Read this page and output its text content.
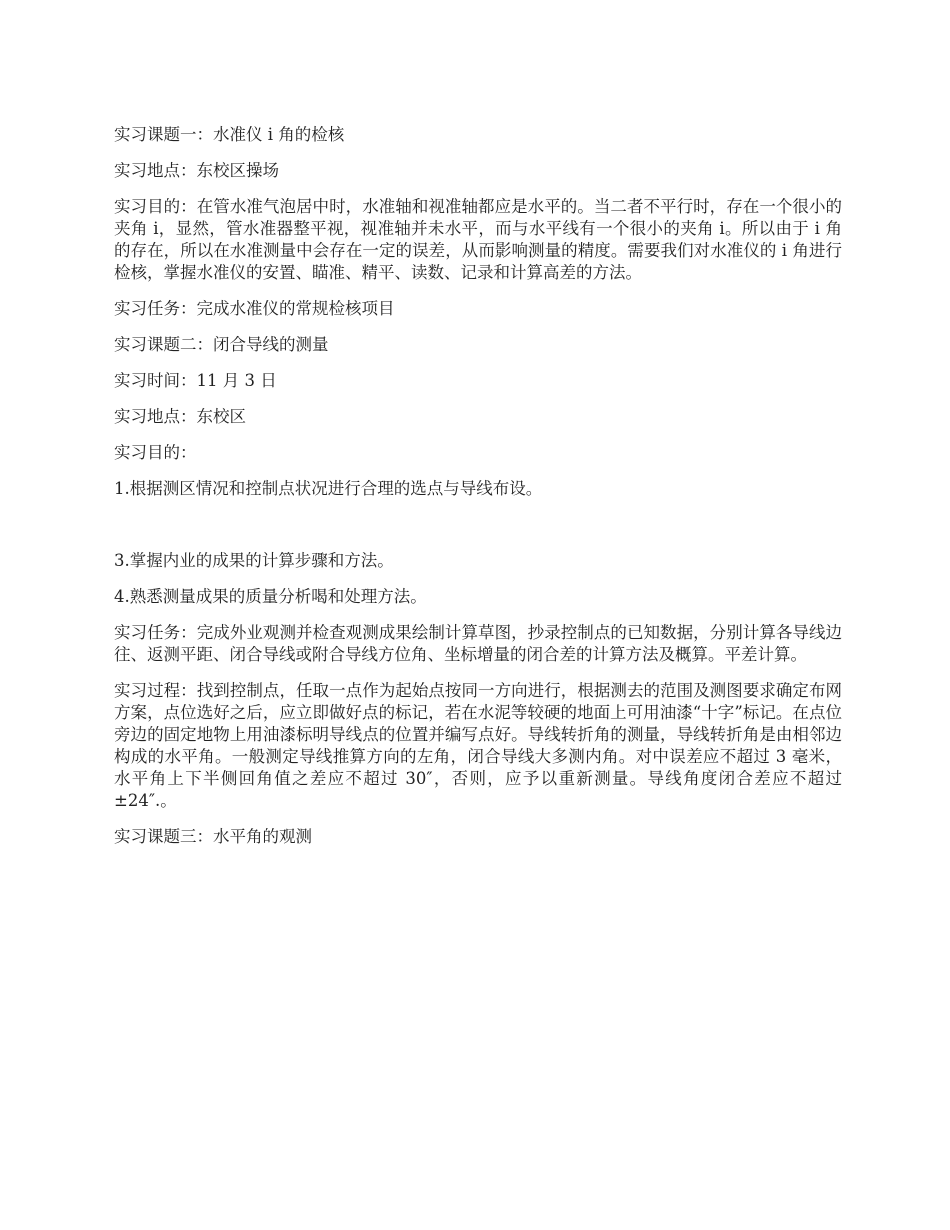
实习课题一：水准仪 i 角的检核

实习地点：东校区操场

实习目的：在管水准气泡居中时，水准轴和视准轴都应是水平的。当二者不平行时，存在一个很小的夹角 i，显然，管水准器整平视，视准轴并未水平，而与水平线有一个很小的夹角 i。所以由于 i 角的存在，所以在水准测量中会存在一定的误差，从而影响测量的精度。需要我们对水准仪的 i 角进行检核，掌握水准仪的安置、瞄准、精平、读数、记录和计算高差的方法。

实习任务：完成水准仪的常规检核项目

实习课题二：闭合导线的测量

实习时间：11 月 3 日

实习地点：东校区

实习目的：

1.根据测区情况和控制点状况进行合理的选点与导线布设。

3.掌握内业的成果的计算步骤和方法。

4.熟悉测量成果的质量分析喝和处理方法。

实习任务：完成外业观测并检查观测成果绘制计算草图，抄录控制点的已知数据，分别计算各导线边往、返测平距、闭合导线或附合导线方位角、坐标增量的闭合差的计算方法及概算。平差计算。

实习过程：找到控制点，任取一点作为起始点按同一方向进行，根据测去的范围及测图要求确定布网方案，点位选好之后，应立即做好点的标记，若在水泥等较硬的地面上可用油漆“十字”标记。在点位旁边的固定地物上用油漆标明导线点的位置并编写点好。导线转折角的测量，导线转折角是由相邻边构成的水平角。一般测定导线推算方向的左角，闭合导线大多测内角。对中误差应不超过 3 毫米，水平角上下半侧回角值之差应不超过 30″，否则，应予以重新测量。导线角度闭合差应不超过±24″.。

实习课题三：水平角的观测
